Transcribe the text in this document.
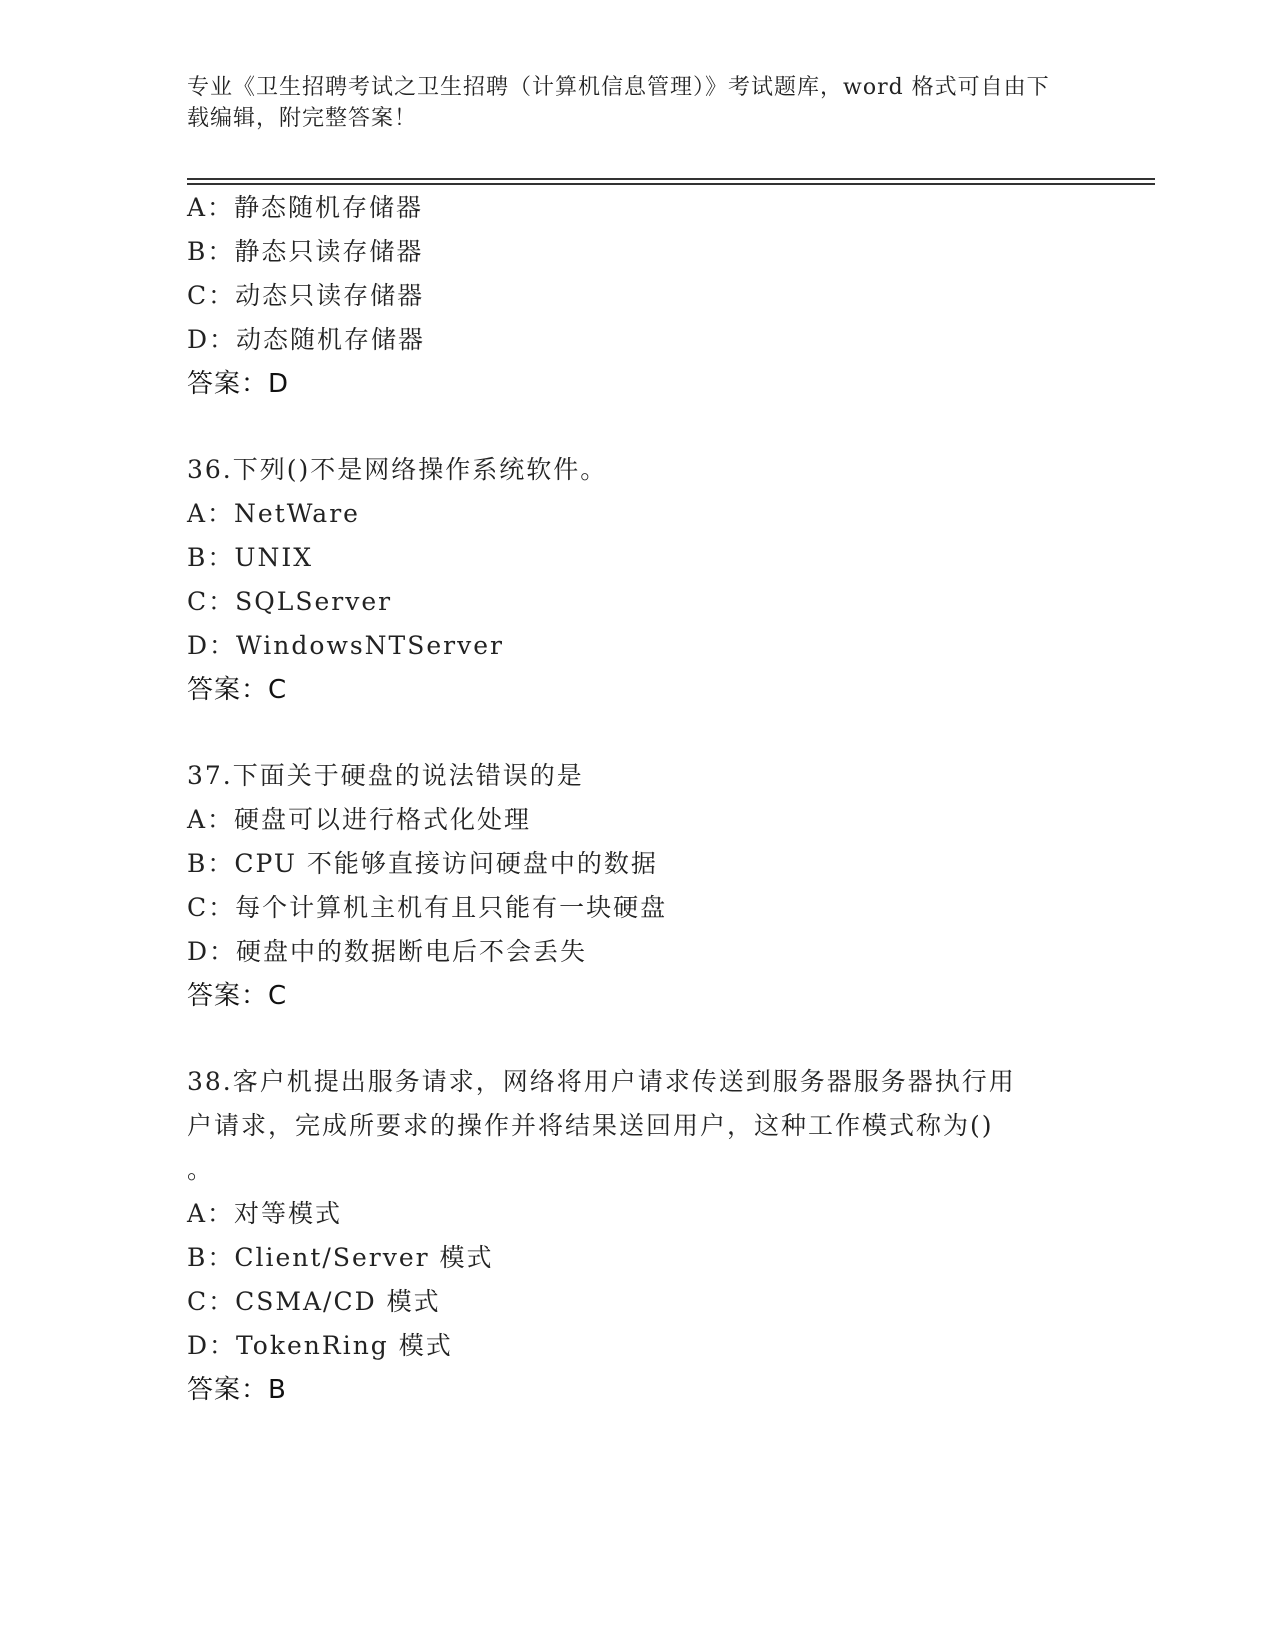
专业《卫生招聘考试之卫生招聘（计算机信息管理）》考试题库，word 格式可自由下载编辑，附完整答案！
A：静态随机存储器
B：静态只读存储器
C：动态只读存储器
D：动态随机存储器
答案：D
36.下列()不是网络操作系统软件。
A：NetWare
B：UNIX
C：SQLServer
D：WindowsNTServer
答案：C
37.下面关于硬盘的说法错误的是
A：硬盘可以进行格式化处理
B：CPU 不能够直接访问硬盘中的数据
C：每个计算机主机有且只能有一块硬盘
D：硬盘中的数据断电后不会丢失
答案：C
38.客户机提出服务请求，网络将用户请求传送到服务器服务器执行用
户请求，完成所要求的操作并将结果送回用户，这种工作模式称为()
。
A：对等模式
B：Client/Server 模式
C：CSMA/CD 模式
D：TokenRing 模式
答案：B
